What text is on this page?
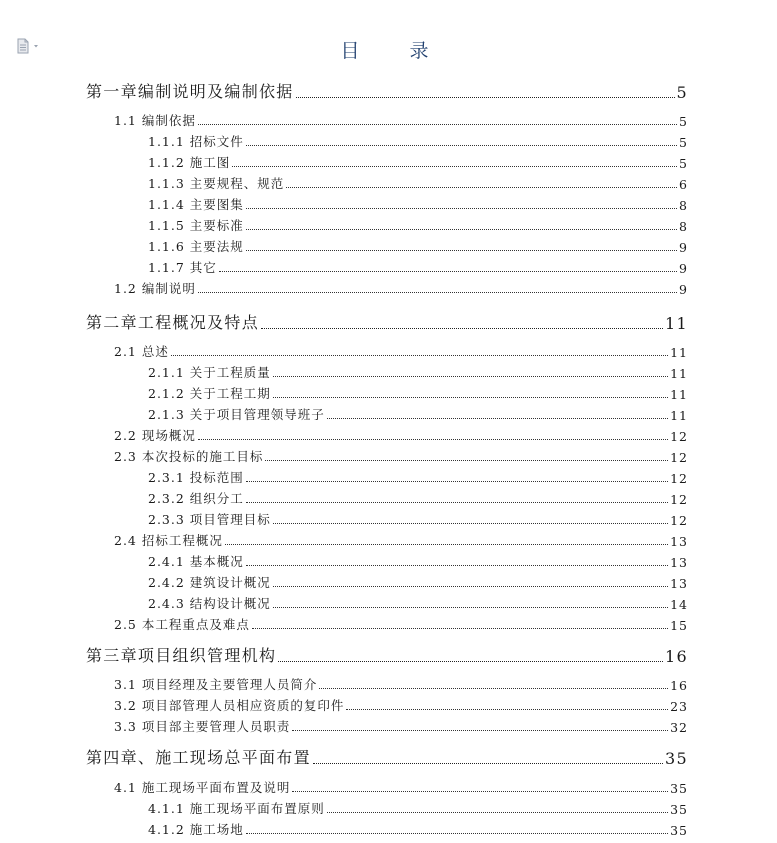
目 录
第一章编制说明及编制依据	5
1.1 编制依据	5
1.1.1 招标文件	5
1.1.2 施工图	5
1.1.3 主要规程、规范	6
1.1.4 主要图集	8
1.1.5 主要标准	8
1.1.6 主要法规	9
1.1.7 其它	9
1.2 编制说明	9
第二章工程概况及特点	11
2.1 总述	11
2.1.1 关于工程质量	11
2.1.2 关于工程工期	11
2.1.3 关于项目管理领导班子	11
2.2 现场概况	12
2.3 本次投标的施工目标	12
2.3.1 投标范围	12
2.3.2 组织分工	12
2.3.3 项目管理目标	12
2.4 招标工程概况	13
2.4.1 基本概况	13
2.4.2 建筑设计概况	13
2.4.3 结构设计概况	14
2.5 本工程重点及难点	15
第三章项目组织管理机构	16
3.1 项目经理及主要管理人员简介	16
3.2 项目部管理人员相应资质的复印件	23
3.3 项目部主要管理人员职责	32
第四章、施工现场总平面布置	35
4.1 施工现场平面布置及说明	35
4.1.1 施工现场平面布置原则	35
4.1.2 施工场地	35
